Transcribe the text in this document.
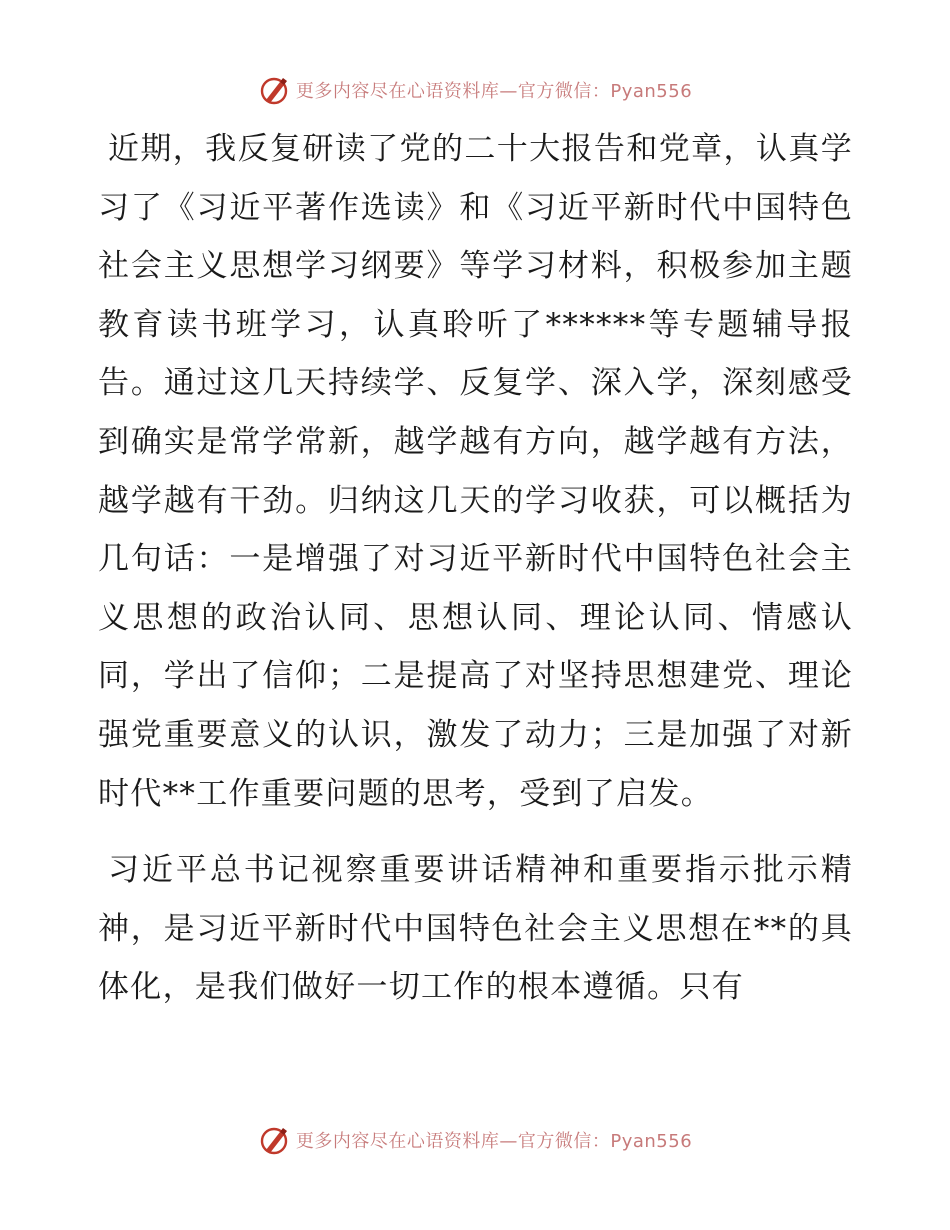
更多内容尽在心语资料库—官方微信：Pyan556

近期，我反复研读了党的二十大报告和党章，认真学习了《习近平著作选读》和《习近平新时代中国特色社会主义思想学习纲要》等学习材料，积极参加主题教育读书班学习，认真聆听了******等专题辅导报告。通过这几天持续学、反复学、深入学，深刻感受到确实是常学常新，越学越有方向，越学越有方法，越学越有干劲。归纳这几天的学习收获，可以概括为几句话：一是增强了对习近平新时代中国特色社会主义思想的政治认同、思想认同、理论认同、情感认同，学出了信仰；二是提高了对坚持思想建党、理论强党重要意义的认识，激发了动力；三是加强了对新时代**工作重要问题的思考，受到了启发。

习近平总书记视察重要讲话精神和重要指示批示精神，是习近平新时代中国特色社会主义思想在**的具体化，是我们做好一切工作的根本遵循。只有

更多内容尽在心语资料库—官方微信：Pyan556
